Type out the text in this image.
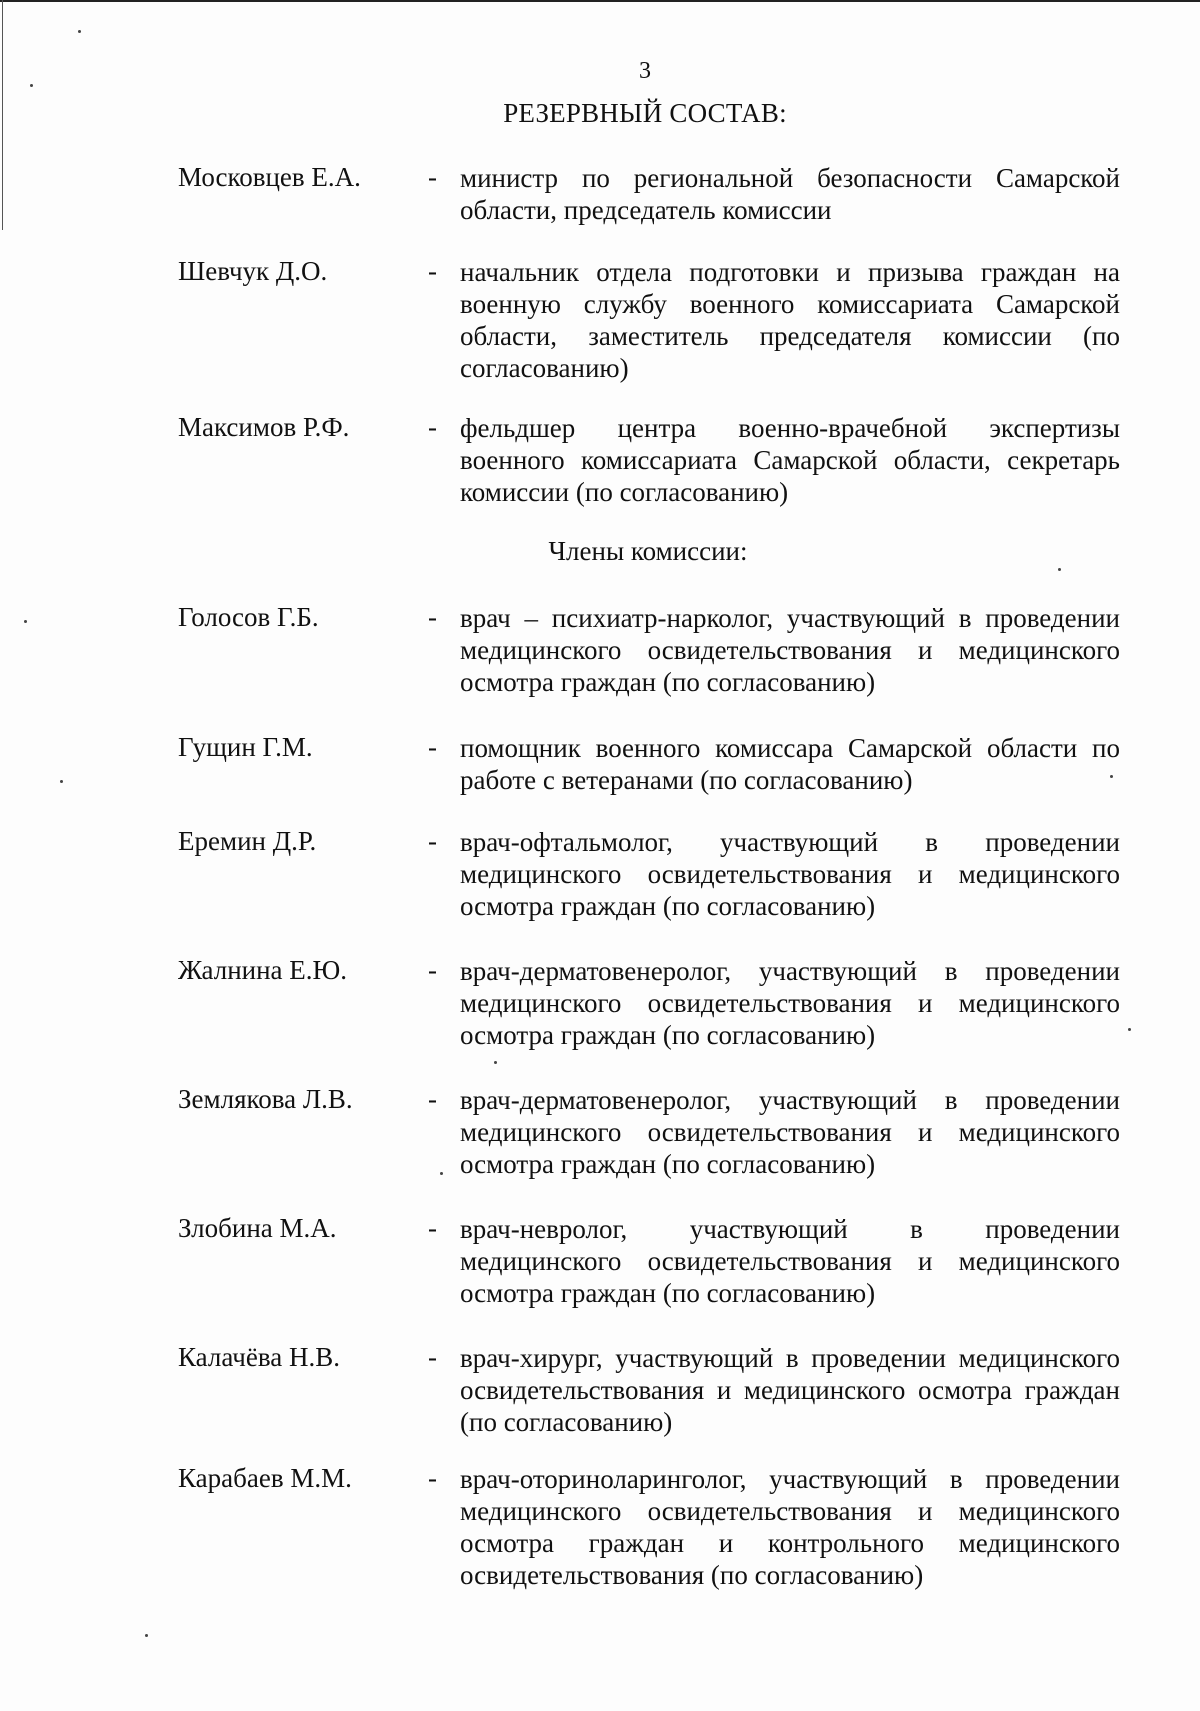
3
РЕЗЕРВНЫЙ СОСТАВ:
Московцев Е.А. - министр по региональной безопасности Самарской области, председатель комиссии
Шевчук Д.О.	- начальник отдела подготовки и призыва граждан на военную службу военного комиссариата Самарской области, заместитель председателя комиссии (по согласованию)
Максимов Р.Ф.	- фельдшер центра военно-врачебной экспертизы военного комиссариата Самарской области, секретарь комиссии (по согласованию)
Члены комиссии:
Голосов Г.Б.	- врач – психиатр-нарколог, участвующий в проведении медицинского освидетельствования и медицинского осмотра граждан (по согласованию)
Гущин Г.М.	- помощник военного комиссара Самарской области по работе с ветеранами (по согласованию)
Еремин Д.Р.	- врач-офтальмолог, участвующий в проведении медицинского освидетельствования и медицинского осмотра граждан (по согласованию)
Жалнина Е.Ю.	- врач-дерматовенеролог, участвующий в проведении медицинского освидетельствования и медицинского осмотра граждан (по согласованию)
Землякова Л.В.	- врач-дерматовенеролог, участвующий в проведении медицинского освидетельствования и медицинского осмотра граждан (по согласованию)
Злобина М.А.	- врач-невролог, участвующий в проведении медицинского освидетельствования и медицинского осмотра граждан (по согласованию)
Калачёва Н.В.	- врач-хирург, участвующий в проведении медицинского освидетельствования и медицинского осмотра граждан (по согласованию)
Карабаев М.М.	- врач-оториноларинголог, участвующий в проведении медицинского освидетельствования и медицинского осмотра граждан и контрольного медицинского освидетельствования (по согласованию)
